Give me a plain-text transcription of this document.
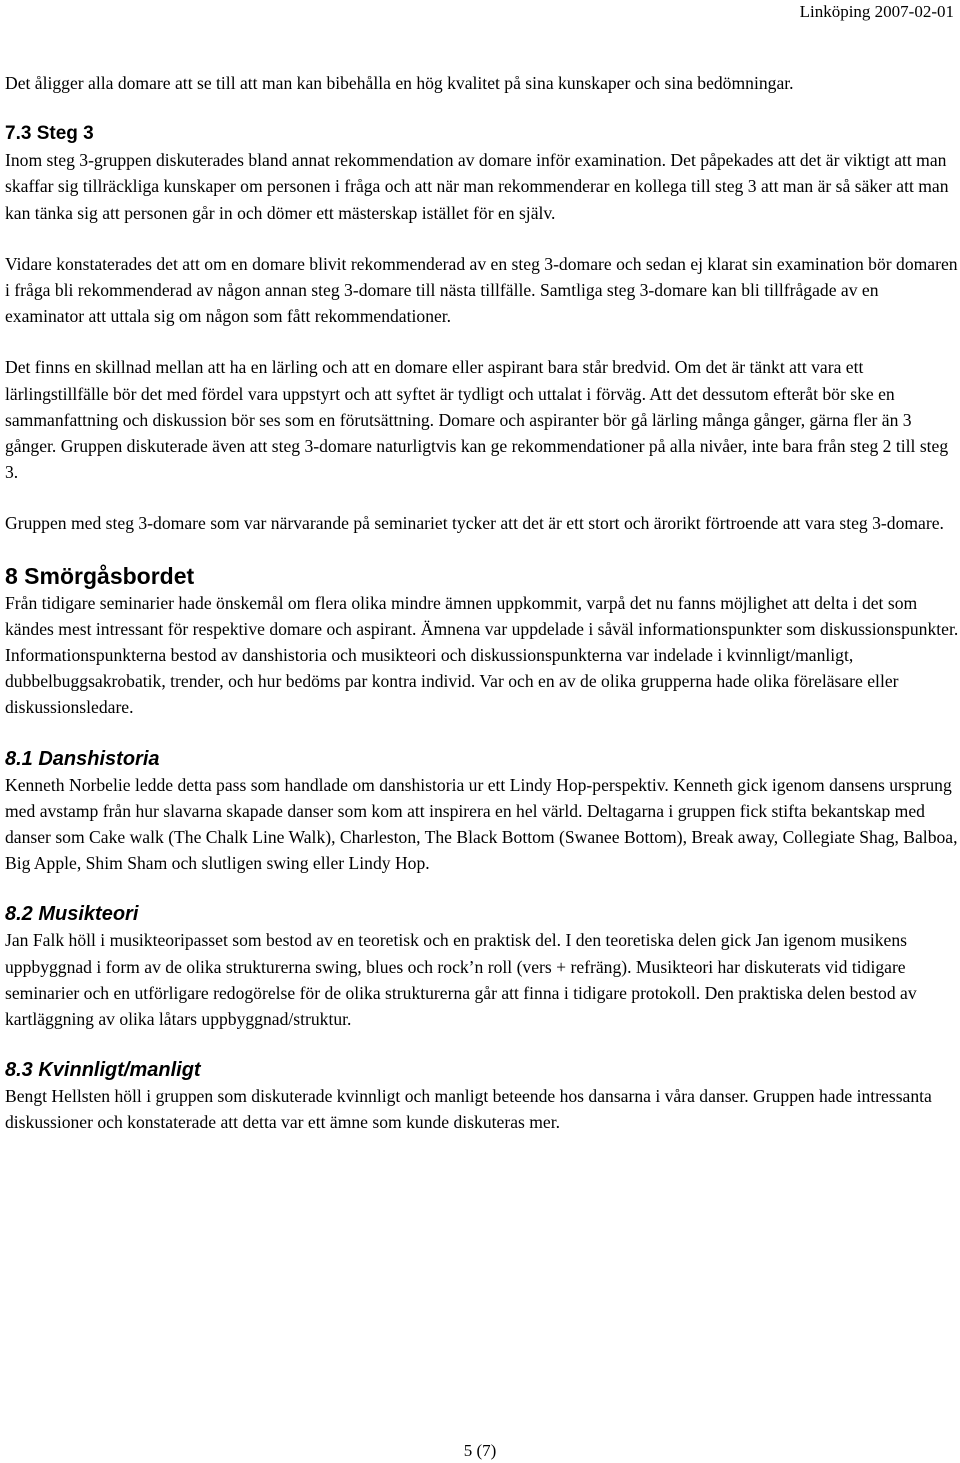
Linköping 2007-02-01

Det åligger alla domare att se till att man kan bibehålla en hög kvalitet på sina kunskaper och sina bedömningar.

7.3 Steg 3

Inom steg 3-gruppen diskuterades bland annat rekommendation av domare inför examination. Det påpekades att det är viktigt att man skaffar sig tillräckliga kunskaper om personen i fråga och att när man rekommenderar en kollega till steg 3 att man är så säker att man kan tänka sig att personen går in och dömer ett mästerskap istället för en själv.

Vidare konstaterades det att om en domare blivit rekommenderad av en steg 3-domare och sedan ej klarat sin examination bör domaren i fråga bli rekommenderad av någon annan steg 3-domare till nästa tillfälle. Samtliga steg 3-domare kan bli tillfrågade av en examinator att uttala sig om någon som fått rekommendationer.

Det finns en skillnad mellan att ha en lärling och att en domare eller aspirant bara står bredvid. Om det är tänkt att vara ett lärlingstillfälle bör det med fördel vara uppstyrt och att syftet är tydligt och uttalat i förväg. Att det dessutom efteråt bör ske en sammanfattning och diskussion bör ses som en förutsättning. Domare och aspiranter bör gå lärling många gånger, gärna fler än 3 gånger. Gruppen diskuterade även att steg 3-domare naturligtvis kan ge rekommendationer på alla nivåer, inte bara från steg 2 till steg 3.

Gruppen med steg 3-domare som var närvarande på seminariet tycker att det är ett stort och ärorikt förtroende att vara steg 3-domare.

8 Smörgåsbordet

Från tidigare seminarier hade önskemål om flera olika mindre ämnen uppkommit, varpå det nu fanns möjlighet att delta i det som kändes mest intressant för respektive domare och aspirant. Ämnena var uppdelade i såväl informationspunkter som diskussionspunkter. Informationspunkterna bestod av danshistoria och musikteori och diskussionspunkterna var indelade i kvinnligt/manligt, dubbelbuggsakrobatik, trender, och hur bedöms par kontra individ. Var och en av de olika grupperna hade olika föreläsare eller diskussionsledare.

8.1 Danshistoria

Kenneth Norbelie ledde detta pass som handlade om danshistoria ur ett Lindy Hop-perspektiv. Kenneth gick igenom dansens ursprung med avstamp från hur slavarna skapade danser som kom att inspirera en hel värld. Deltagarna i gruppen fick stifta bekantskap med danser som Cake walk (The Chalk Line Walk), Charleston, The Black Bottom (Swanee Bottom), Break away, Collegiate Shag, Balboa, Big Apple, Shim Sham och slutligen swing eller Lindy Hop.

8.2 Musikteori

Jan Falk höll i musikteoripasset som bestod av en teoretisk och en praktisk del. I den teoretiska delen gick Jan igenom musikens uppbyggnad i form av de olika strukturerna swing, blues och rock’n roll (vers + refräng). Musikteori har diskuterats vid tidigare seminarier och en utförligare redogörelse för de olika strukturerna går att finna i tidigare protokoll. Den praktiska delen bestod av kartläggning av olika låtars uppbyggnad/struktur.

8.3 Kvinnligt/manligt

Bengt Hellsten höll i gruppen som diskuterade kvinnligt och manligt beteende hos dansarna i våra danser. Gruppen hade intressanta diskussioner och konstaterade att detta var ett ämne som kunde diskuteras mer.

5 (7)
